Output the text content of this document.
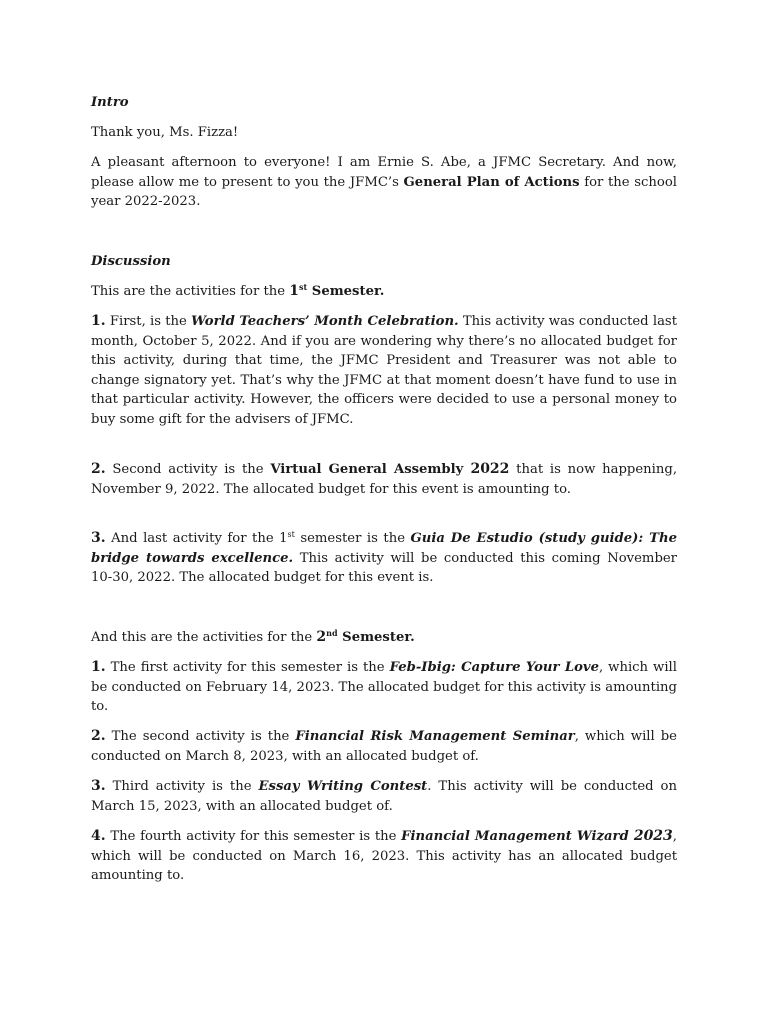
Intro

Thank you, Ms. Fizza!

A pleasant afternoon to everyone! I am Ernie S. Abe, a JFMC Secretary. And now, please allow me to present to you the JFMC’s General Plan of Actions for the school year 2022-2023.

Discussion

This are the activities for the 1st Semester.

1. First, is the World Teachers’ Month Celebration. This activity was conducted last month, October 5, 2022. And if you are wondering why there’s no allocated budget for this activity, during that time, the JFMC President and Treasurer was not able to change signatory yet. That’s why the JFMC at that moment doesn’t have fund to use in that particular activity. However, the officers were decided to use a personal money to buy some gift for the advisers of JFMC.

2. Second activity is the Virtual General Assembly 2022 that is now happening, November 9, 2022. The allocated budget for this event is amounting to.

3. And last activity for the 1st semester is the Guia De Estudio (study guide): The bridge towards excellence. This activity will be conducted this coming November 10-30, 2022. The allocated budget for this event is.

And this are the activities for the 2nd Semester.

1. The first activity for this semester is the Feb-Ibig: Capture Your Love, which will be conducted on February 14, 2023. The allocated budget for this activity is amounting to.

2. The second activity is the Financial Risk Management Seminar, which will be conducted on March 8, 2023, with an allocated budget of.

3. Third activity is the Essay Writing Contest. This activity will be conducted on March 15, 2023, with an allocated budget of.

4. The fourth activity for this semester is the Financial Management Wizard 2023, which will be conducted on March 16, 2023. This activity has an allocated budget amounting to.
